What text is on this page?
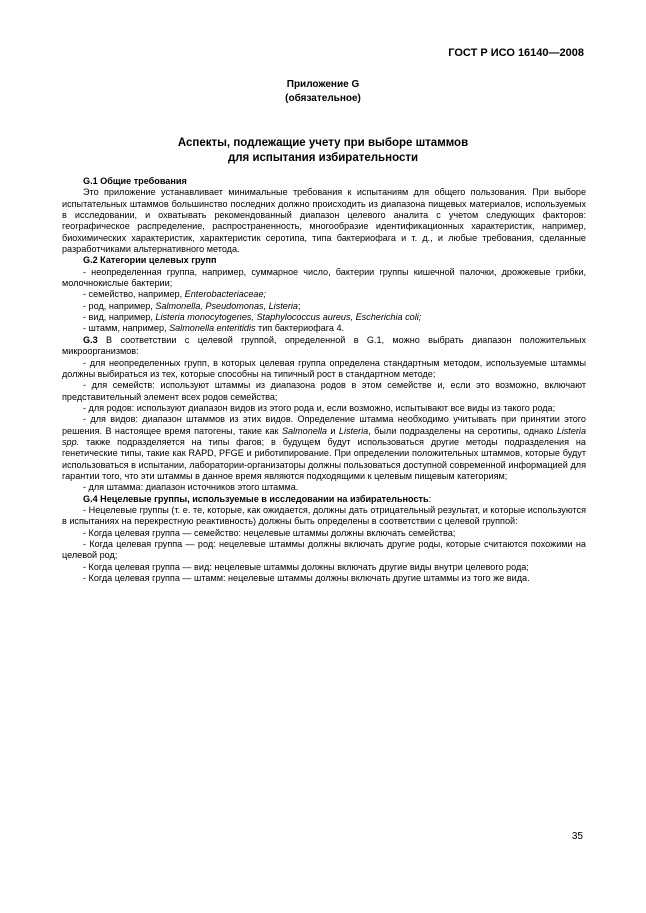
ГОСТ Р ИСО 16140—2008

Приложение G
(обязательное)
Аспекты, подлежащие учету при выборе штаммов
для испытания избирательности

G.1 Общие требования

Это приложение устанавливает минимальные требования к испытаниям для общего пользования. При выборе испытательных штаммов большинство последних должно происходить из диапазона пищевых материалов, используемых в исследовании, и охватывать рекомендованный диапазон целевого аналита с учетом следующих факторов: географическое распределение, распространенность, многообразие идентификационных характеристик, например, биохимических характеристик, характеристик серотипа, типа бактериофага и т. д., и любые требования, сделанные разработчиками альтернативного метода.

G.2 Категории целевых групп

- неопределенная группа, например, суммарное число, бактерии группы кишечной палочки, дрожжевые грибки, молочнокислые бактерии;

- семейство, например, Enterobacteriaceae;

- род, например, Salmonella, Pseudomonas, Listeria;

- вид, например, Listeria monocytogenes, Staphylococcus aureus, Escherichia coli;

- штамм, например, Salmonella enteritidis тип бактериофага 4.

G.3 В соответствии с целевой группой, определенной в G.1, можно выбрать диапазон положительных микроорганизмов:

- для неопределенных групп, в которых целевая группа определена стандартным методом, используемые штаммы должны выбираться из тех, которые способны на типичный рост в стандартном методе;

- для семейств: используют штаммы из диапазона родов в этом семействе и, если это возможно, включают представительный элемент всех родов семейства;

- для родов: используют диапазон видов из этого рода и, если возможно, испытывают все виды из такого рода;

- для видов: диапазон штаммов из этих видов. Определение штамма необходимо учитывать при принятии этого решения. В настоящее время патогены, такие как Salmonella и Listeria, были подразделены на серотипы, однако Listeria spp. также подразделяется на типы фагов; в будущем будут использоваться другие методы подразделения на генетические типы, такие как RAPD, PFGE и риботипирование. При определении положительных штаммов, которые будут использоваться в испытании, лаборатории-организаторы должны пользоваться доступной современной информацией для гарантии того, что эти штаммы в данное время являются подходящими к целевым пищевым категориям;

- для штамма: диапазон источников этого штамма.

G.4 Нецелевые группы, используемые в исследовании на избирательность:

- Нецелевые группы (т. е. те, которые, как ожидается, должны дать отрицательный результат, и которые используются в испытаниях на перекрестную реактивность) должны быть определены в соответствии с целевой группой:

- Когда целевая группа — семейство: нецелевые штаммы должны включать семейства;

- Когда целевая группа — род: нецелевые штаммы должны включать другие роды, которые считаются похожими на целевой род;

- Когда целевая группа — вид: нецелевые штаммы должны включать другие виды внутри целевого рода;

- Когда целевая группа — штамм: нецелевые штаммы должны включать другие штаммы из того же вида.

35
